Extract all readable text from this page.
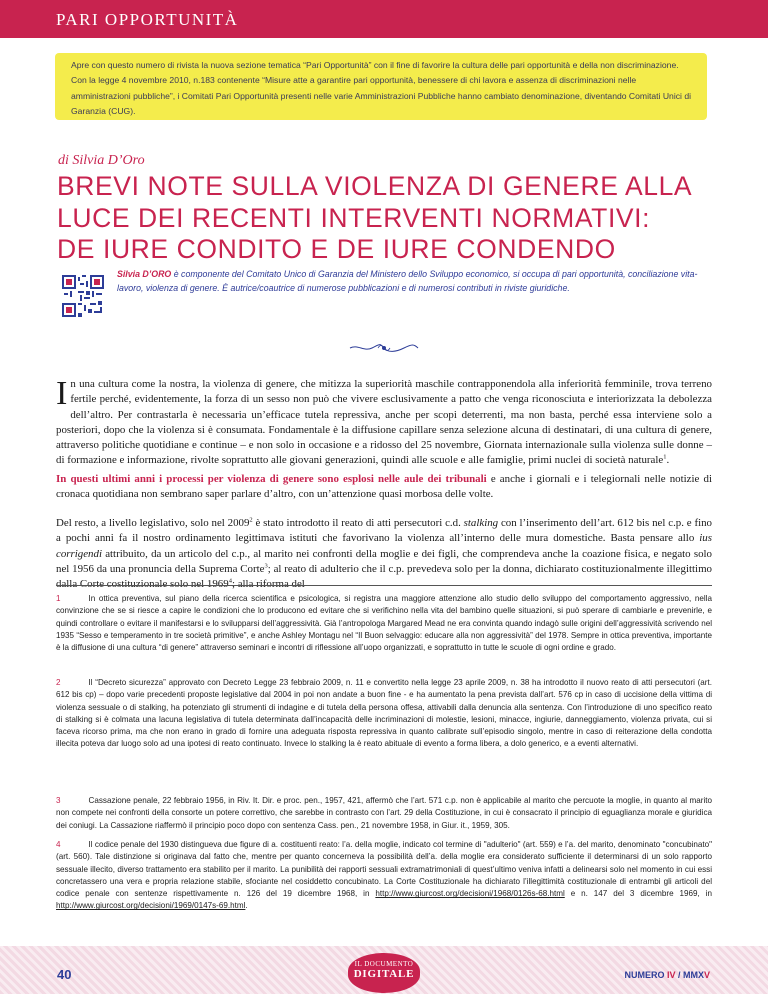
PARI OPPORTUNITÀ
Apre con questo numero di rivista la nuova sezione tematica “Pari Opportunità” con il fine di favorire la cultura delle pari opportunità e della non discriminazione. Con la legge 4 novembre 2010, n.183 contenente “Misure atte a garantire pari opportunità, benessere di chi lavora e assenza di discriminazioni nelle amministrazioni pubbliche”, i Comitati Pari Opportunità presenti nelle varie Amministrazioni Pubbliche hanno cambiato denominazione, diventando Comitati Unici di Garanzia (CUG).
di Silvia D’Oro
BREVI NOTE SULLA VIOLENZA DI GENERE ALLA
LUCE DEI RECENTI INTERVENTI NORMATIVI:
DE IURE CONDITO E DE IURE CONDENDO
Silvia D’ORO è componente del Comitato Unico di Garanzia del Ministero dello Sviluppo economico, si occupa di pari opportunità, conciliazione vita-lavoro, violenza di genere. È autrice/coautrice di numerose pubblicazioni e di numerosi contributi in riviste giuridiche.
In una cultura come la nostra, la violenza di genere, che mitizza la superiorità maschile contrapponendola alla inferiorità femminile, trova terreno fertile perché, evidentemente, la forza di un sesso non può che vivere esclusivamente a patto che venga riconosciuta e interiorizzata la debolezza dell’altro. Per contrastarla è necessaria un’efficace tutela repressiva, anche per scopi deterrenti, ma non basta, perché essa interviene solo a posteriori, dopo che la violenza si è consumata. Fondamentale è la diffusione capillare senza selezione alcuna di destinatari, di una cultura di genere, attraverso politiche quotidiane e continue – e non solo in occasione e a ridosso del 25 novembre, Giornata internazionale sulla violenza sulle donne – di formazione e informazione, rivolte soprattutto alle giovani generazioni, quindi alle scuole e alle famiglie, primi nuclei di società naturale$^1$.
In questi ultimi anni i processi per violenza di genere sono esplosi nelle aule dei tribunali e anche i giornali e i telegiornali nelle notizie di cronaca quotidiana non sembrano saper parlare d’altro, con un’attenzione quasi morbosa delle volte.
Del resto, a livello legislativo, solo nel 2009$^2$ è stato introdotto il reato di atti persecutori c.d. stalking con l’inserimento dell’art. 612 bis nel c.p. e fino a pochi anni fa il nostro ordinamento legittimava istituti che favorivano la violenza all’interno delle mura domestiche. Basta pensare allo ius corrigendi attribuito, da un articolo del c.p., al marito nei confronti della moglie e dei figli, che comprendeva anche la coazione fisica, e negato solo nel 1956 da una pronuncia della Suprema Corte$^3$; al reato di adulterio che il c.p. prevedeva solo per la donna, dichiarato costituzionalmente illegittimo dalla Corte costituzionale solo nel 1969$^4$; alla riforma del
1	In ottica preventiva, sul piano della ricerca scientifica e psicologica, si registra una maggiore attenzione allo studio dello sviluppo del comportamento aggressivo, nella convinzione che se si riesce a capire le condizioni che lo producono ed evitare che si verifichino nella vita del bambino quelle situazioni, si può sperare di cambiarle e prevenirle, e quindi controllare o evitare il manifestarsi e lo svilupparsi dell’aggressività. Già l’antropologa Margared Mead ne era convinta quando indagò sulle origini dell’aggressività scrivendo nel 1935 “Sesso e temperamento in tre società primitive”, e anche Ashley Montagu nel “Il Buon selvaggio: educare alla non aggressività” del 1978. Sempre in ottica preventiva, importante è la diffusione di una cultura “di genere” attraverso seminari e incontri di riflessione all’uopo organizzati, e soprattutto in tutte le scuole di ogni ordine e grado.
2	Il “Decreto sicurezza” approvato con Decreto Legge 23 febbraio 2009, n. 11 e convertito nella legge 23 aprile 2009, n. 38 ha introdotto il nuovo reato di atti persecutori (art. 612 bis cp) – dopo varie precedenti proposte legislative dal 2004 in poi non andate a buon fine - e ha aumentato la pena prevista dall’art. 576 cp in caso di uccisione della vittima di violenza sessuale o di stalking, ha potenziato gli strumenti di indagine e di tutela della persona offesa, attivabili dalla denuncia alla sentenza. Con l’introduzione di uno specifico reato di stalking si è colmata una lacuna legislativa di tutela determinata dall’incapacità delle incriminazioni di molestie, lesioni, minacce, ingiurie, danneggiamento, violenza privata, cui si faceva ricorso prima, ma che non erano in grado di fornire una adeguata risposta repressiva in quanto calibrate sull’episodio singolo, mentre in caso di reiterazione della condotta illecita poteva dar luogo solo ad una ipotesi di reato continuato. Invece lo stalking la è reato abituale di evento a forma libera, a dolo generico, e a eventi alternativi.
3	Cassazione penale, 22 febbraio 1956, in Riv. It. Dir. e proc. pen., 1957, 421, affermò che l’art. 571 c.p. non è applicabile al marito che percuote la moglie, in quanto al marito non compete nei confronti della consorte un potere correttivo, che sarebbe in contrasto con l’art. 29 della Costituzione, in cui è consacrato il principio di eguaglianza morale e giuridica dei coniugi. La Cassazione riaffermò il principio poco dopo con sentenza Cass. pen., 21 novembre 1958, in Giur. it., 1959, 305.
4	Il codice penale del 1930 distingueva due figure di a. costituenti reato: l’a. della moglie, indicato col termine di "adulterio" (art. 559) e l’a. del marito, denominato "concubinato" (art. 560). Tale distinzione si originava dal fatto che, mentre per quanto concerneva la possibilità dell’a. della moglie era considerato sufficiente il determinarsi di un solo rapporto sessuale illecito, diverso trattamento era stabilito per il marito. La punibilità dei rapporti sessuali extramatrimoniali di quest’ultimo veniva infatti a delinearsi solo nel momento in cui essi concretassero una vera e propria relazione stabile, sfociante nel cosiddetto concubinato. La Corte Costituzionale ha dichiarato l’illegittimità costituzionale di entrambi gli articoli del codice penale con sentenze rispettivamente n. 126 del 19 dicembre 1968, in http://www.giurcost.org/decisioni/1968/0126s-68.html e n. 147 del 3 dicembre 1969, in http://www.giurcost.org/decisioni/1969/0147s-69.html.
40
IL DOCUMENTO
DIGITALE	NUMERO IV / MMXV
